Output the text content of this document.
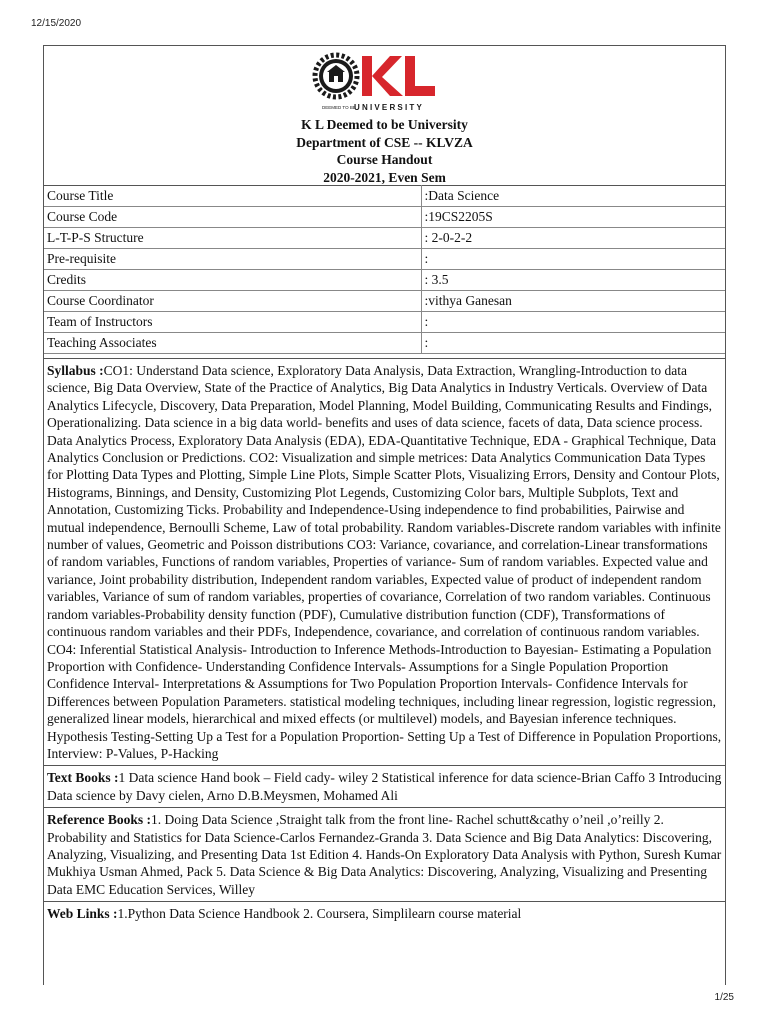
12/15/2020
DEEMED TO BE
UNIVERSITY
K L Deemed to be University
Department of CSE -- KLVZA
Course Handout
2020-2021, Even Sem
Course Title	:Data Science
Course Code	:19CS2205S
L-T-P-S Structure	: 2-0-2-2
Pre-requisite	:
Credits	: 3.5
Course Coordinator	:vithya Ganesan
Team of Instructors	:
Teaching Associates	:
Syllabus :CO1: Understand Data science, Exploratory Data Analysis, Data Extraction, Wrangling-Introduction to data science, Big Data Overview, State of the Practice of Analytics, Big Data Analytics in Industry Verticals. Overview of Data Analytics Lifecycle, Discovery, Data Preparation, Model Planning, Model Building, Communicating Results and Findings, Operationalizing. Data science in a big data world- benefits and uses of data science, facets of data, Data science process. Data Analytics Process, Exploratory Data Analysis (EDA), EDA-Quantitative Technique, EDA - Graphical Technique, Data Analytics Conclusion or Predictions. CO2: Visualization and simple metrices: Data Analytics Communication Data Types for Plotting Data Types and Plotting, Simple Line Plots, Simple Scatter Plots, Visualizing Errors, Density and Contour Plots, Histograms, Binnings, and Density, Customizing Plot Legends, Customizing Color bars, Multiple Subplots, Text and Annotation, Customizing Ticks. Probability and Independence-Using independence to find probabilities, Pairwise and mutual independence, Bernoulli Scheme, Law of total probability. Random variables-Discrete random variables with infinite number of values, Geometric and Poisson distributions CO3: Variance, covariance, and correlation-Linear transformations of random variables, Functions of random variables, Properties of variance- Sum of random variables. Expected value and variance, Joint probability distribution, Independent random variables, Expected value of product of independent random variables, Variance of sum of random variables, properties of covariance, Correlation of two random variables. Continuous random variables-Probability density function (PDF), Cumulative distribution function (CDF), Transformations of continuous random variables and their PDFs, Independence, covariance, and correlation of continuous random variables. CO4: Inferential Statistical Analysis- Introduction to Inference Methods-Introduction to Bayesian- Estimating a Population Proportion with Confidence- Understanding Confidence Intervals- Assumptions for a Single Population Proportion Confidence Interval- Interpretations & Assumptions for Two Population Proportion Intervals- Confidence Intervals for Differences between Population Parameters. statistical modeling techniques, including linear regression, logistic regression, generalized linear models, hierarchical and mixed effects (or multilevel) models, and Bayesian inference techniques. Hypothesis Testing-Setting Up a Test for a Population Proportion- Setting Up a Test of Difference in Population Proportions, Interview: P-Values, P-Hacking
Text Books :1 Data science Hand book – Field cady- wiley 2 Statistical inference for data science-Brian Caffo 3 Introducing Data science by Davy cielen, Arno D.B.Meysmen, Mohamed Ali
Reference Books :1. Doing Data Science ,Straight talk from the front line- Rachel schutt&cathy o’neil ,o’reilly 2. Probability and Statistics for Data Science-Carlos Fernandez-Granda 3. Data Science and Big Data Analytics: Discovering, Analyzing, Visualizing, and Presenting Data 1st Edition 4. Hands-On Exploratory Data Analysis with Python, Suresh Kumar Mukhiya Usman Ahmed, Pack 5. Data Science & Big Data Analytics: Discovering, Analyzing, Visualizing and Presenting Data EMC Education Services, Willey
Web Links :1.Python Data Science Handbook 2. Coursera, Simplilearn course material
1/25
